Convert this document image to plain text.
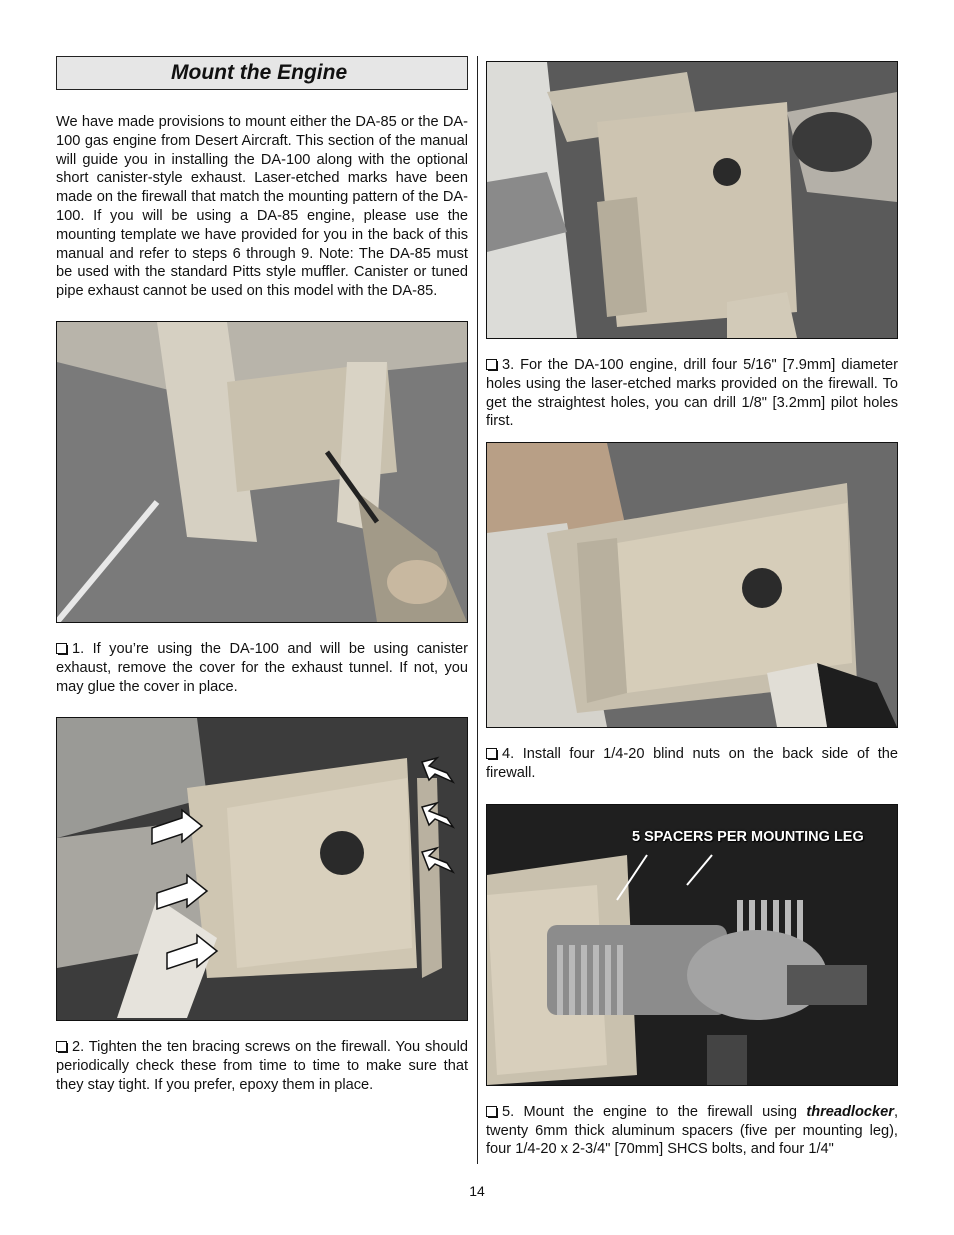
Mount the Engine

We have made provisions to mount either the DA-85 or the DA-100 gas engine from Desert Aircraft. This section of the manual will guide you in installing the DA-100 along with the optional short canister-style exhaust. Laser-etched marks have been made on the firewall that match the mounting pattern of the DA-100. If you will be using a DA-85 engine, please use the mounting template we have provided for you in the back of this manual and refer to steps 6 through 9. Note: The DA-85 must be used with the standard Pitts style muffler. Canister or tuned pipe exhaust cannot be used on this model with the DA-85.

1. If you’re using the DA-100 and will be using canister exhaust, remove the cover for the exhaust tunnel. If not, you may glue the cover in place.

2. Tighten the ten bracing screws on the firewall. You should periodically check these from time to time to make sure that they stay tight. If you prefer, epoxy them in place.

3. For the DA-100 engine, drill four 5/16" [7.9mm] diameter holes using the laser-etched marks provided on the firewall. To get the straightest holes, you can drill 1/8" [3.2mm] pilot holes first.

4. Install four 1/4-20 blind nuts on the back side of the firewall.

5 SPACERS PER MOUNTING LEG

5. Mount the engine to the firewall using threadlocker, twenty 6mm thick aluminum spacers (five per mounting leg), four 1/4-20 x 2-3/4" [70mm] SHCS bolts, and four 1/4"

14
